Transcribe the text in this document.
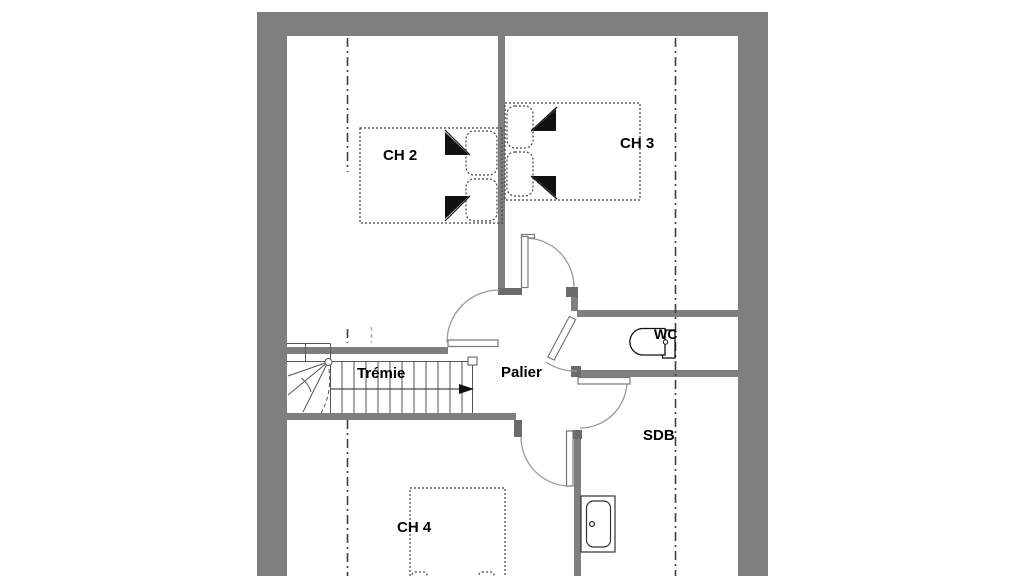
CH 2
CH 3
CH 4
Trémie	Palier
WC
SDB
